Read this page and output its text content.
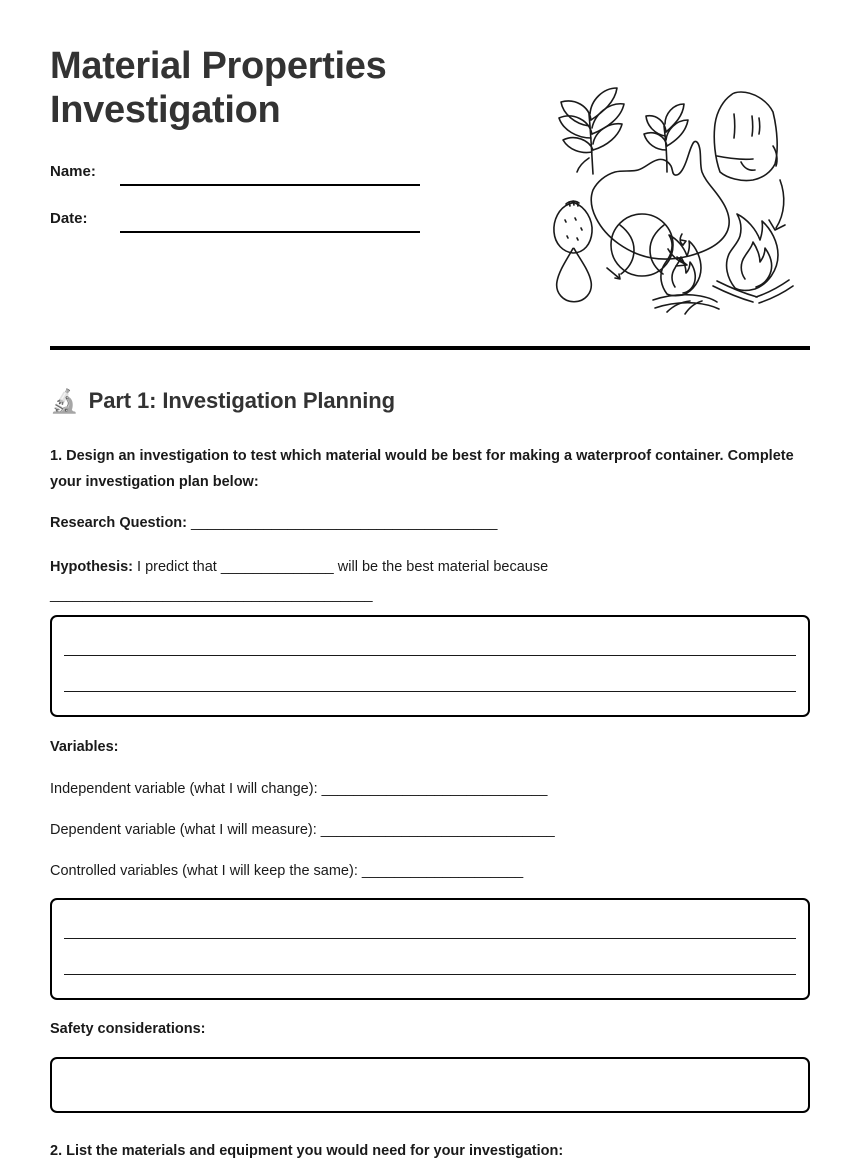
Material Properties Investigation
Name:
Date:
🔬 Part 1: Investigation Planning
1. Design an investigation to test which material would be best for making a waterproof container. Complete your investigation plan below:
Research Question: ______________________________________
Hypothesis: I predict that ______________ will be the best material because ________________________________________
Variables:
Independent variable (what I will change): ____________________________
Dependent variable (what I will measure): _____________________________
Controlled variables (what I will keep the same): ____________________
Safety considerations:
2. List the materials and equipment you would need for your investigation:
